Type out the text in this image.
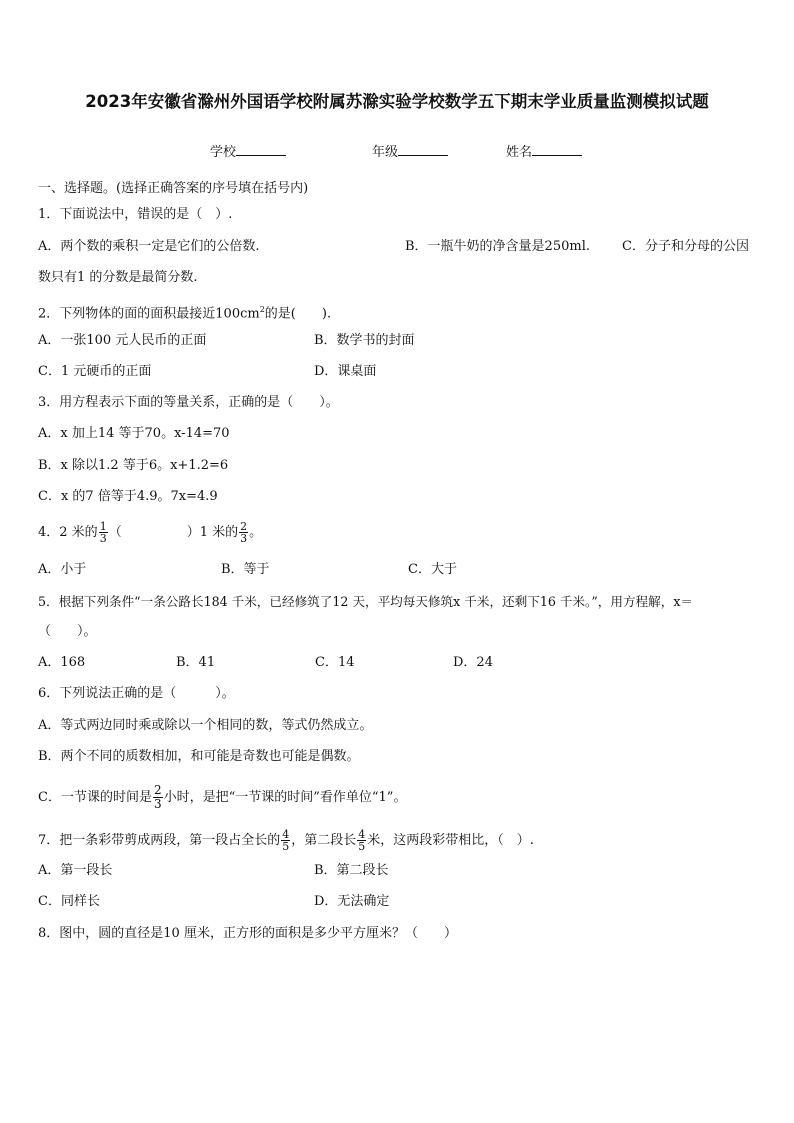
2023年安徽省滁州外国语学校附属苏滁实验学校数学五下期末学业质量监测模拟试题
学校	年级	姓名
一、选择题。(选择正确答案的序号填在括号内)
1．下面说法中，错误的是（　）.
A．两个数的乘积一定是它们的公倍数.	B．一瓶牛奶的净含量是250ml. C．分子和分母的公因
数只有1 的分数是最简分数.
2．下列物体的面的面积最接近$100cm^2$的是(　　).
A．一张100 元人民币的正面	B．数学书的封面
C．1 元硬币的正面	D．课桌面
3．用方程表示下面的等量关系，正确的是（　　）。
A．x 加上14 等于70。x-14=70
B．x 除以1.2 等于6。x+1.2=6
C．x 的7 倍等于4.9。7x=4.9
4．2 米的 $\frac{1}{3}$ （　　　　　）1 米的 $\frac{2}{3}$ 。
A．小于	B．等于	C．大于
5．根据下列条件“一条公路长184 千米，已经修筑了12 天，平均每天修筑x 千米，还剩下16 千米。”，用方程解，x＝
（　　）。
A．168	B．41	C．14	D．24
6．下列说法正确的是（　　　）。
A．等式两边同时乘或除以一个相同的数，等式仍然成立。
B．两个不同的质数相加，和可能是奇数也可能是偶数。
C．一节课的时间是 $\frac{2}{3}$ 小时，是把“一节课的时间”看作单位“1”。
7．把一条彩带剪成两段，第一段占全长的 $\frac{4}{5}$ ，第二段长 $\frac{4}{5}$ 米，这两段彩带相比，（　）.
A．第一段长	B．第二段长
C．同样长	D．无法确定
8．图中，圆的直径是10 厘米，正方形的面积是多少平方厘米？（　　）
